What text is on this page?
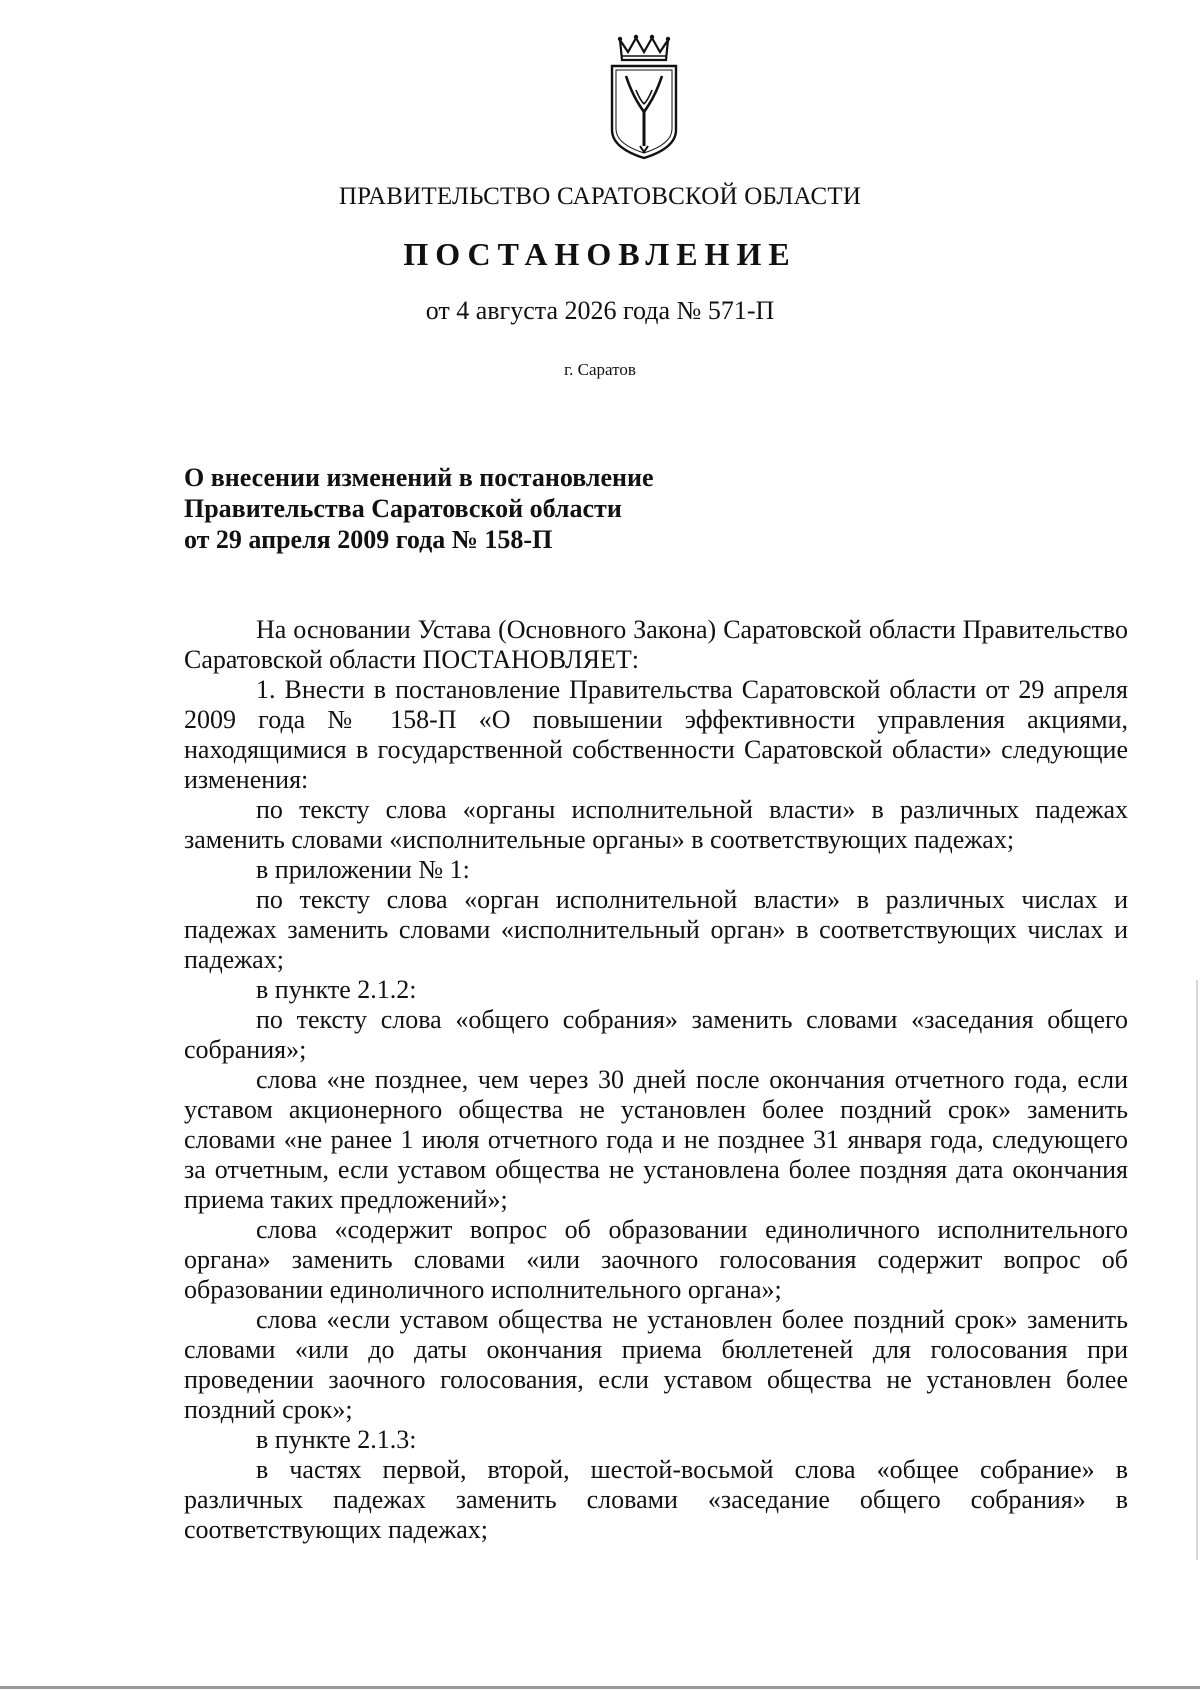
ПРАВИТЕЛЬСТВО САРАТОВСКОЙ ОБЛАСТИ
ПОСТАНОВЛЕНИЕ
от 4 августа 2026 года № 571-П
г. Саратов
О внесении изменений в постановление
Правительства Саратовской области
от 29 апреля 2009 года № 158-П

На основании Устава (Основного Закона) Саратовской области Правительство Саратовской области ПОСТАНОВЛЯЕТ:

1. Внести в постановление Правительства Саратовской области от 29 апреля 2009 года № 158-П «О повышении эффективности управления акциями, находящимися в государственной собственности Саратовской области» следующие изменения:

по тексту слова «органы исполнительной власти» в различных падежах заменить словами «исполнительные органы» в соответствующих падежах;

в приложении № 1:

по тексту слова «орган исполнительной власти» в различных числах и падежах заменить словами «исполнительный орган» в соответствующих числах и падежах;

в пункте 2.1.2:

по тексту слова «общего собрания» заменить словами «заседания общего собрания»;

слова «не позднее, чем через 30 дней после окончания отчетного года, если уставом акционерного общества не установлен более поздний срок» заменить словами «не ранее 1 июля отчетного года и не позднее 31 января года, следующего за отчетным, если уставом общества не установлена более поздняя дата окончания приема таких предложений»;

слова «содержит вопрос об образовании единоличного исполнительного органа» заменить словами «или заочного голосования содержит вопрос об образовании единоличного исполнительного органа»;

слова «если уставом общества не установлен более поздний срок» заменить словами «или до даты окончания приема бюллетеней для голосования при проведении заочного голосования, если уставом общества не установлен более поздний срок»;

в пункте 2.1.3:

в частях первой, второй, шестой-восьмой слова «общее собрание» в различных падежах заменить словами «заседание общего собрания» в соответствующих падежах;
